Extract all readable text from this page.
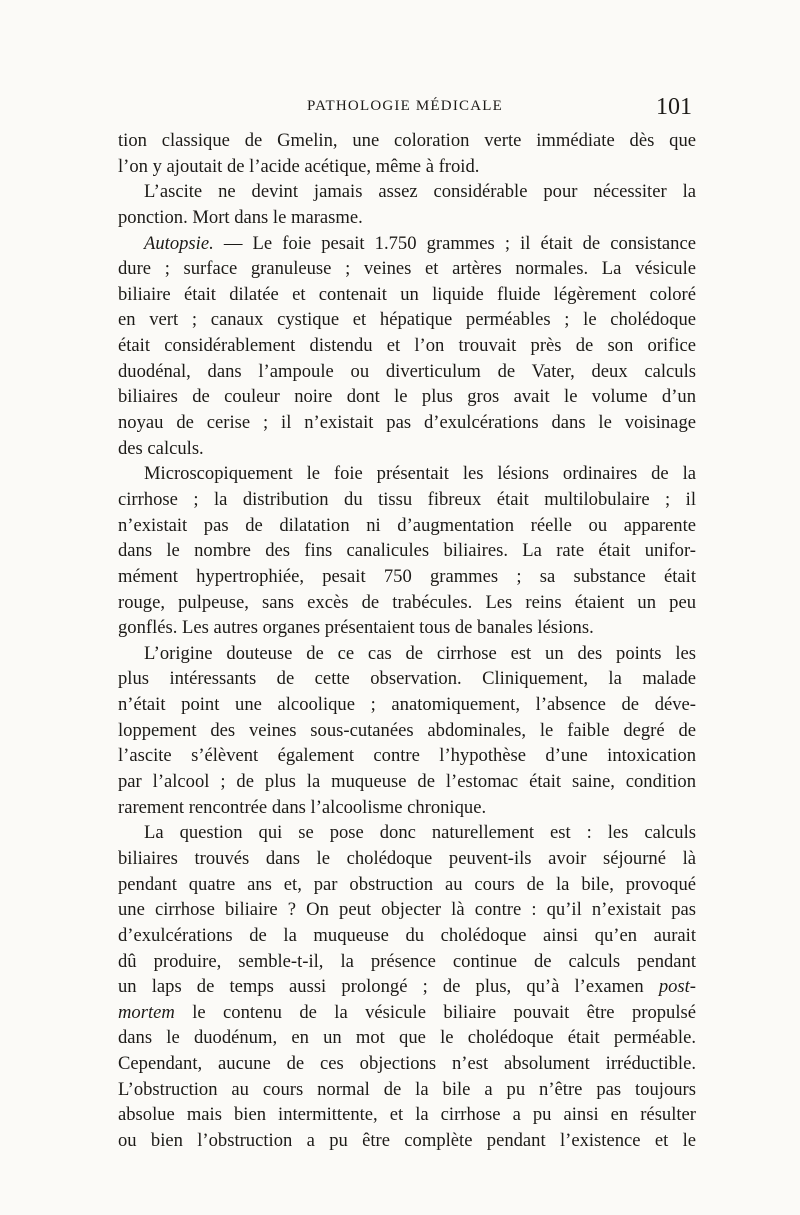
PATHOLOGIE MÉDICALE	101
tion classique de Gmelin, une coloration verte immédiate dès que
l’on y ajoutait de l’acide acétique, même à froid.
L’ascite ne devint jamais assez considérable pour nécessiter la
ponction. Mort dans le marasme.
Autopsie. — Le foie pesait 1.750 grammes ; il était de consistance
dure ; surface granuleuse ; veines et artères normales. La vésicule
biliaire était dilatée et contenait un liquide fluide légèrement coloré
en vert ; canaux cystique et hépatique perméables ; le cholédoque
était considérablement distendu et l’on trouvait près de son orifice
duodénal, dans l’ampoule ou diverticulum de Vater, deux calculs
biliaires de couleur noire dont le plus gros avait le volume d’un
noyau de cerise ; il n’existait pas d’exulcérations dans le voisinage
des calculs.
Microscopiquement le foie présentait les lésions ordinaires de la
cirrhose ; la distribution du tissu fibreux était multilobulaire ; il
n’existait pas de dilatation ni d’augmentation réelle ou apparente
dans le nombre des fins canalicules biliaires. La rate était unifor-
mément hypertrophiée, pesait 750 grammes ; sa substance était
rouge, pulpeuse, sans excès de trabécules. Les reins étaient un peu
gonflés. Les autres organes présentaient tous de banales lésions.
L’origine douteuse de ce cas de cirrhose est un des points les
plus intéressants de cette observation. Cliniquement, la malade
n’était point une alcoolique ; anatomiquement, l’absence de déve-
loppement des veines sous-cutanées abdominales, le faible degré de
l’ascite s’élèvent également contre l’hypothèse d’une intoxication
par l’alcool ; de plus la muqueuse de l’estomac était saine, condition
rarement rencontrée dans l’alcoolisme chronique.
La question qui se pose donc naturellement est : les calculs
biliaires trouvés dans le cholédoque peuvent-ils avoir séjourné là
pendant quatre ans et, par obstruction au cours de la bile, provoqué
une cirrhose biliaire ? On peut objecter là contre : qu’il n’existait pas
d’exulcérations de la muqueuse du cholédoque ainsi qu’en aurait
dû produire, semble-t-il, la présence continue de calculs pendant
un laps de temps aussi prolongé ; de plus, qu’à l’examen post-
mortem le contenu de la vésicule biliaire pouvait être propulsé
dans le duodénum, en un mot que le cholédoque était perméable.
Cependant, aucune de ces objections n’est absolument irréductible.
L’obstruction au cours normal de la bile a pu n’être pas toujours
absolue mais bien intermittente, et la cirrhose a pu ainsi en résulter
ou bien l’obstruction a pu être complète pendant l’existence et le
